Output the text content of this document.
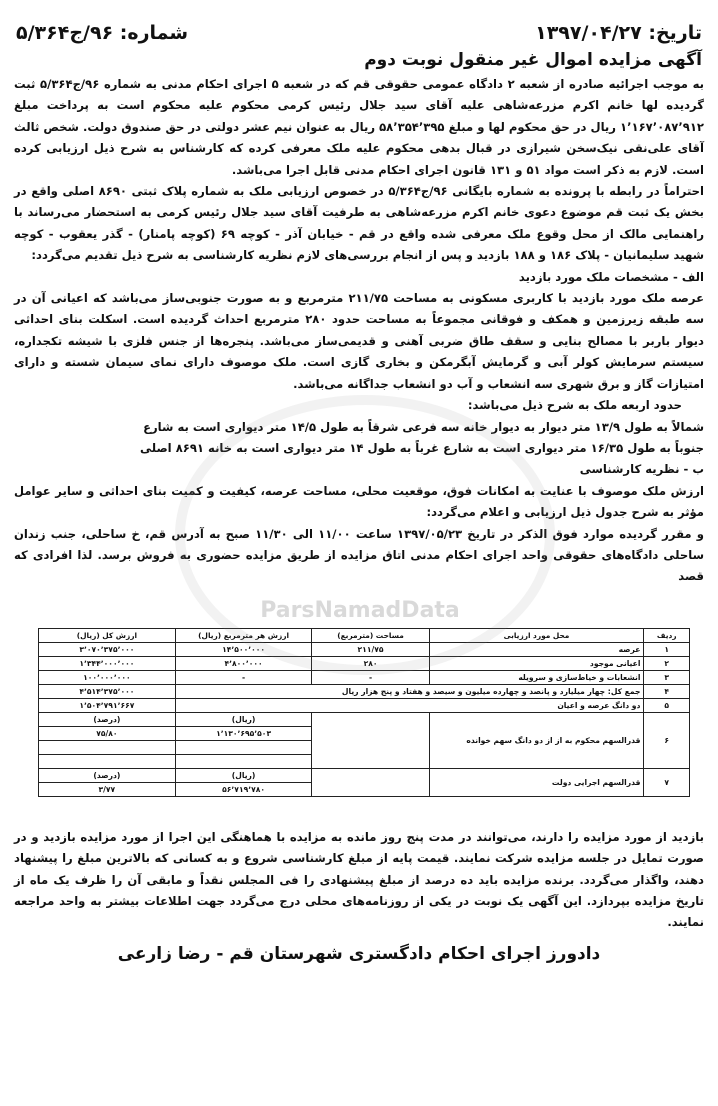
تاریخ: ۱۳۹۷/۰۴/۲۷
شماره: ۹۶/ج۵/۳۶۴
آگهی مزایده اموال غیر منقول نوبت دوم

به موجب اجرائیه صادره از شعبه ۲ دادگاه عمومی حقوقی قم که در شعبه ۵ اجرای احکام مدنی به شماره ۹۶/ج۵/۳۶۴ ثبت گردیده لها خانم اکرم مزرعه‌شاهی علیه آقای سید جلال رئیس کرمی محکوم علیه محکوم است به پرداخت مبلغ ۱٬۱۶۷٬۰۸۷٬۹۱۲ ریال در حق محکوم لها و مبلغ ۵۸٬۳۵۴٬۳۹۵ ریال به عنوان نیم عشر دولتی در حق صندوق دولت. شخص ثالث آقای علی‌نقی نیک‌سخن شیرازی در قبال بدهی محکوم علیه ملک معرفی کرده که کارشناس به شرح ذیل ارزیابی کرده است. لازم به ذکر است مواد ۵۱ و ۱۳۱ قانون اجرای احکام مدنی قابل اجرا می‌باشد.

احتراماً در رابطه با پرونده به شماره بایگانی ۹۶/ج۵/۳۶۴ در خصوص ارزیابی ملک به شماره پلاک ثبتی ۸۶۹۰ اصلی واقع در بخش یک ثبت قم موضوع دعوی خانم اکرم مزرعه‌شاهی به طرفیت آقای سید جلال رئیس کرمی به استحضار می‌رساند با راهنمایی مالک از محل وقوع ملک معرفی شده واقع در قم - خیابان آذر - کوچه ۶۹ (کوچه پامنار) - گذر یعقوب - کوچه شهید سلیمانیان - پلاک ۱۸۶ و ۱۸۸ بازدید و پس از انجام بررسی‌های لازم نظریه کارشناسی به شرح ذیل تقدیم می‌گردد:

الف - مشخصات ملک مورد بازدید

عرصه ملک مورد بازدید با کاربری مسکونی به مساحت ۲۱۱/۷۵ مترمربع و به صورت جنوبی‌ساز می‌باشد که اعیانی آن در سه طبقه زیرزمین و همکف و فوقانی مجموعاً به مساحت حدود ۲۸۰ مترمربع احداث گردیده است. اسکلت بنای احداثی دیوار باربر با مصالح بنایی و سقف طاق ضربی آهنی و قدیمی‌ساز می‌باشد. پنجره‌ها از جنس فلزی با شیشه تکجداره، سیستم سرمایش کولر آبی و گرمایش آبگرمکن و بخاری گازی است. ملک موصوف دارای نمای سیمان شسته و دارای امتیازات گاز و برق شهری سه انشعاب و آب دو انشعاب جداگانه می‌باشد.

حدود اربعه ملک به شرح ذیل می‌باشد:
شمالاً به طول ۱۳/۹ متر دیوار به دیوار خانه سه فرعی شرقاً به طول ۱۴/۵ متر دیواری است به شارع
جنوباً به طول ۱۶/۳۵ متر دیواری است به شارع غرباً به طول ۱۴ متر دیواری است به خانه ۸۶۹۱ اصلی
ب - نظریه کارشناسی

ارزش ملک موصوف با عنایت به امکانات فوق، موقعیت محلی، مساحت عرصه، کیفیت و کمیت بنای احداثی و سایر عوامل مؤثر به شرح جدول ذیل ارزیابی و اعلام می‌گردد:

و مقرر گردیده موارد فوق الذکر در تاریخ ۱۳۹۷/۰۵/۲۳ ساعت ۱۱/۰۰ الی ۱۱/۳۰ صبح به آدرس قم، خ ساحلی، جنب زندان ساحلی دادگاه‌های حقوقی واحد اجرای احکام مدنی اتاق مزایده از طریق مزایده حضوری به فروش برسد. لذا افرادی که قصد

ردیف	محل مورد ارزیابی	مساحت (مترمربع)	ارزش هر مترمربع (ریال)	ارزش کل (ریال)
۱	عرصه	۲۱۱/۷۵	۱۴٬۵۰۰٬۰۰۰	۳٬۰۷۰٬۳۷۵٬۰۰۰
۲	اعیانی موجود	۲۸۰	۴٬۸۰۰٬۰۰۰	۱٬۳۴۴٬۰۰۰٬۰۰۰
۳	انشعابات و خیاط‌سازی و سرویله	-	-	۱۰۰٬۰۰۰٬۰۰۰
۴	جمع کل: چهار میلیارد و پانصد و چهارده میلیون و سیصد و هفتاد و پنج هزار ریال			۴٬۵۱۴٬۳۷۵٬۰۰۰
۵	دو دانگ عرصه و اعیان			۱٬۵۰۴٬۷۹۱٬۶۶۷
۶	قدرالسهم محکوم به از از دو دانگ سهم خوانده		(ریال)	(درصد)
			۱٬۱۳۰٬۶۹۵٬۵۰۳	۷۵/۸۰

۷	قدرالسهم اجرایی دولت		(ریال)	(درصد)
			۵۶٬۷۱۹٬۷۸۰	۳/۷۷

بازدید از مورد مزایده را دارند، می‌توانند در مدت پنج روز مانده به مزایده با هماهنگی این اجرا از مورد مزایده بازدید و در صورت تمایل در جلسه مزایده شرکت نمایند. قیمت پایه از مبلغ کارشناسی شروع و به کسانی که بالاترین مبلغ را پیشنهاد دهند، واگذار می‌گردد. برنده مزایده باید ده درصد از مبلغ پیشنهادی را فی المجلس نقداً و مابقی آن را ظرف یک ماه از تاریخ مزایده بپردازد. این آگهی یک نوبت در یکی از روزنامه‌های محلی درج می‌گردد جهت اطلاعات بیشتر به واحد مراجعه نمایند.

دادورز اجرای احکام دادگستری شهرستان قم - رضا زارعی
ParsNamadData
